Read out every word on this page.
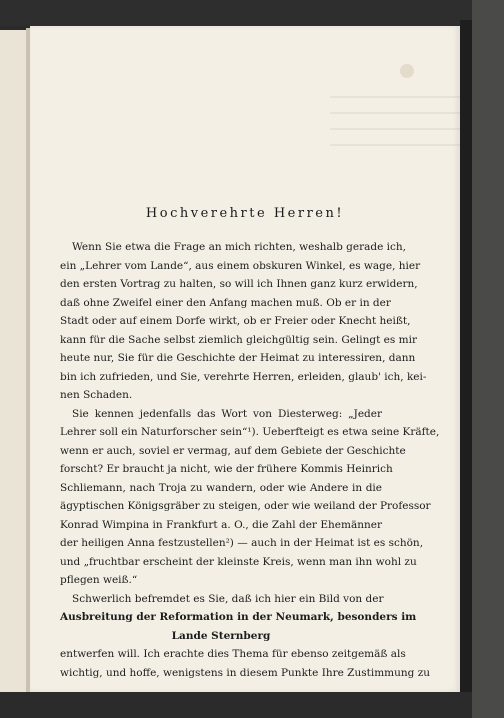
Hochverehrte Herren!
Wenn Sie etwa die Frage an mich richten, weshalb gerade ich,
ein „Lehrer vom Lande“, aus einem obskuren Winkel, es wage, hier
den ersten Vortrag zu halten, so will ich Ihnen ganz kurz erwidern,
daß ohne Zweifel einer den Anfang machen muß. Ob er in der
Stadt oder auf einem Dorfe wirkt, ob er Freier oder Knecht heißt,
kann für die Sache selbst ziemlich gleichgültig sein. Gelingt es mir
heute nur, Sie für die Geschichte der Heimat zu interessiren, dann
bin ich zufrieden, und Sie, verehrte Herren, erleiden, glaub' ich, kei-
nen Schaden.
Sie kennen jedenfalls das Wort von Diesterweg: „Jeder
Lehrer soll ein Naturforscher sein“¹). Ueberfteigt es etwa seine Kräfte,
wenn er auch, soviel er vermag, auf dem Gebiete der Geschichte
forscht? Er braucht ja nicht, wie der frühere Kommis Heinrich
Schliemann, nach Troja zu wandern, oder wie Andere in die
ägyptischen Königsgräber zu steigen, oder wie weiland der Professor
Konrad Wimpina in Frankfurt a. O., die Zahl der Ehemänner
der heiligen Anna festzustellen²) — auch in der Heimat ist es schön,
und „fruchtbar erscheint der kleinste Kreis, wenn man ihn wohl zu
pflegen weiß.“
Schwerlich befremdet es Sie, daß ich hier ein Bild von der
Ausbreitung der Reformation in der Neumark, besonders im
Lande Sternberg
entwerfen will. Ich erachte dies Thema für ebenso zeitgemäß als
wichtig, und hoffe, wenigstens in diesem Punkte Ihre Zustimmung zu
